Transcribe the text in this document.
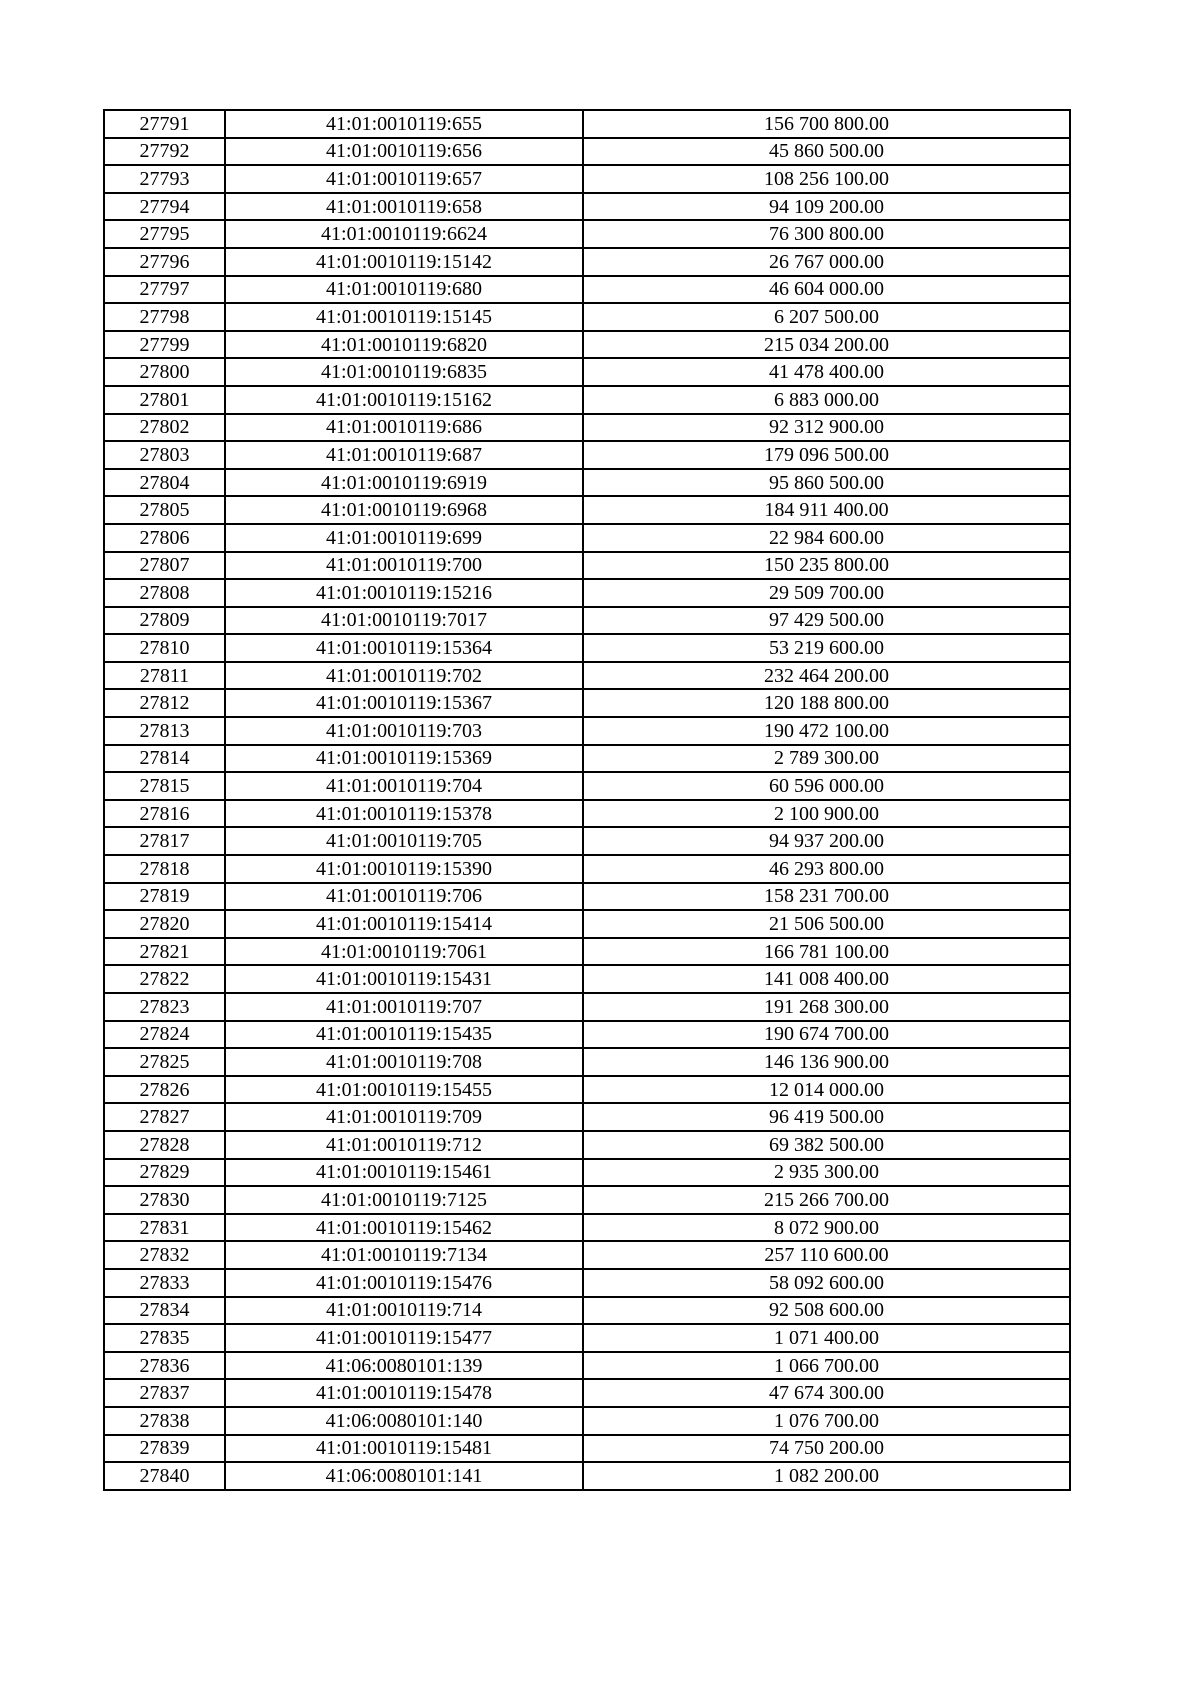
27791	41:01:0010119:655	156 700 800.00
27792	41:01:0010119:656	45 860 500.00
27793	41:01:0010119:657	108 256 100.00
27794	41:01:0010119:658	94 109 200.00
27795	41:01:0010119:6624	76 300 800.00
27796	41:01:0010119:15142	26 767 000.00
27797	41:01:0010119:680	46 604 000.00
27798	41:01:0010119:15145	6 207 500.00
27799	41:01:0010119:6820	215 034 200.00
27800	41:01:0010119:6835	41 478 400.00
27801	41:01:0010119:15162	6 883 000.00
27802	41:01:0010119:686	92 312 900.00
27803	41:01:0010119:687	179 096 500.00
27804	41:01:0010119:6919	95 860 500.00
27805	41:01:0010119:6968	184 911 400.00
27806	41:01:0010119:699	22 984 600.00
27807	41:01:0010119:700	150 235 800.00
27808	41:01:0010119:15216	29 509 700.00
27809	41:01:0010119:7017	97 429 500.00
27810	41:01:0010119:15364	53 219 600.00
27811	41:01:0010119:702	232 464 200.00
27812	41:01:0010119:15367	120 188 800.00
27813	41:01:0010119:703	190 472 100.00
27814	41:01:0010119:15369	2 789 300.00
27815	41:01:0010119:704	60 596 000.00
27816	41:01:0010119:15378	2 100 900.00
27817	41:01:0010119:705	94 937 200.00
27818	41:01:0010119:15390	46 293 800.00
27819	41:01:0010119:706	158 231 700.00
27820	41:01:0010119:15414	21 506 500.00
27821	41:01:0010119:7061	166 781 100.00
27822	41:01:0010119:15431	141 008 400.00
27823	41:01:0010119:707	191 268 300.00
27824	41:01:0010119:15435	190 674 700.00
27825	41:01:0010119:708	146 136 900.00
27826	41:01:0010119:15455	12 014 000.00
27827	41:01:0010119:709	96 419 500.00
27828	41:01:0010119:712	69 382 500.00
27829	41:01:0010119:15461	2 935 300.00
27830	41:01:0010119:7125	215 266 700.00
27831	41:01:0010119:15462	8 072 900.00
27832	41:01:0010119:7134	257 110 600.00
27833	41:01:0010119:15476	58 092 600.00
27834	41:01:0010119:714	92 508 600.00
27835	41:01:0010119:15477	1 071 400.00
27836	41:06:0080101:139	1 066 700.00
27837	41:01:0010119:15478	47 674 300.00
27838	41:06:0080101:140	1 076 700.00
27839	41:01:0010119:15481	74 750 200.00
27840	41:06:0080101:141	1 082 200.00
